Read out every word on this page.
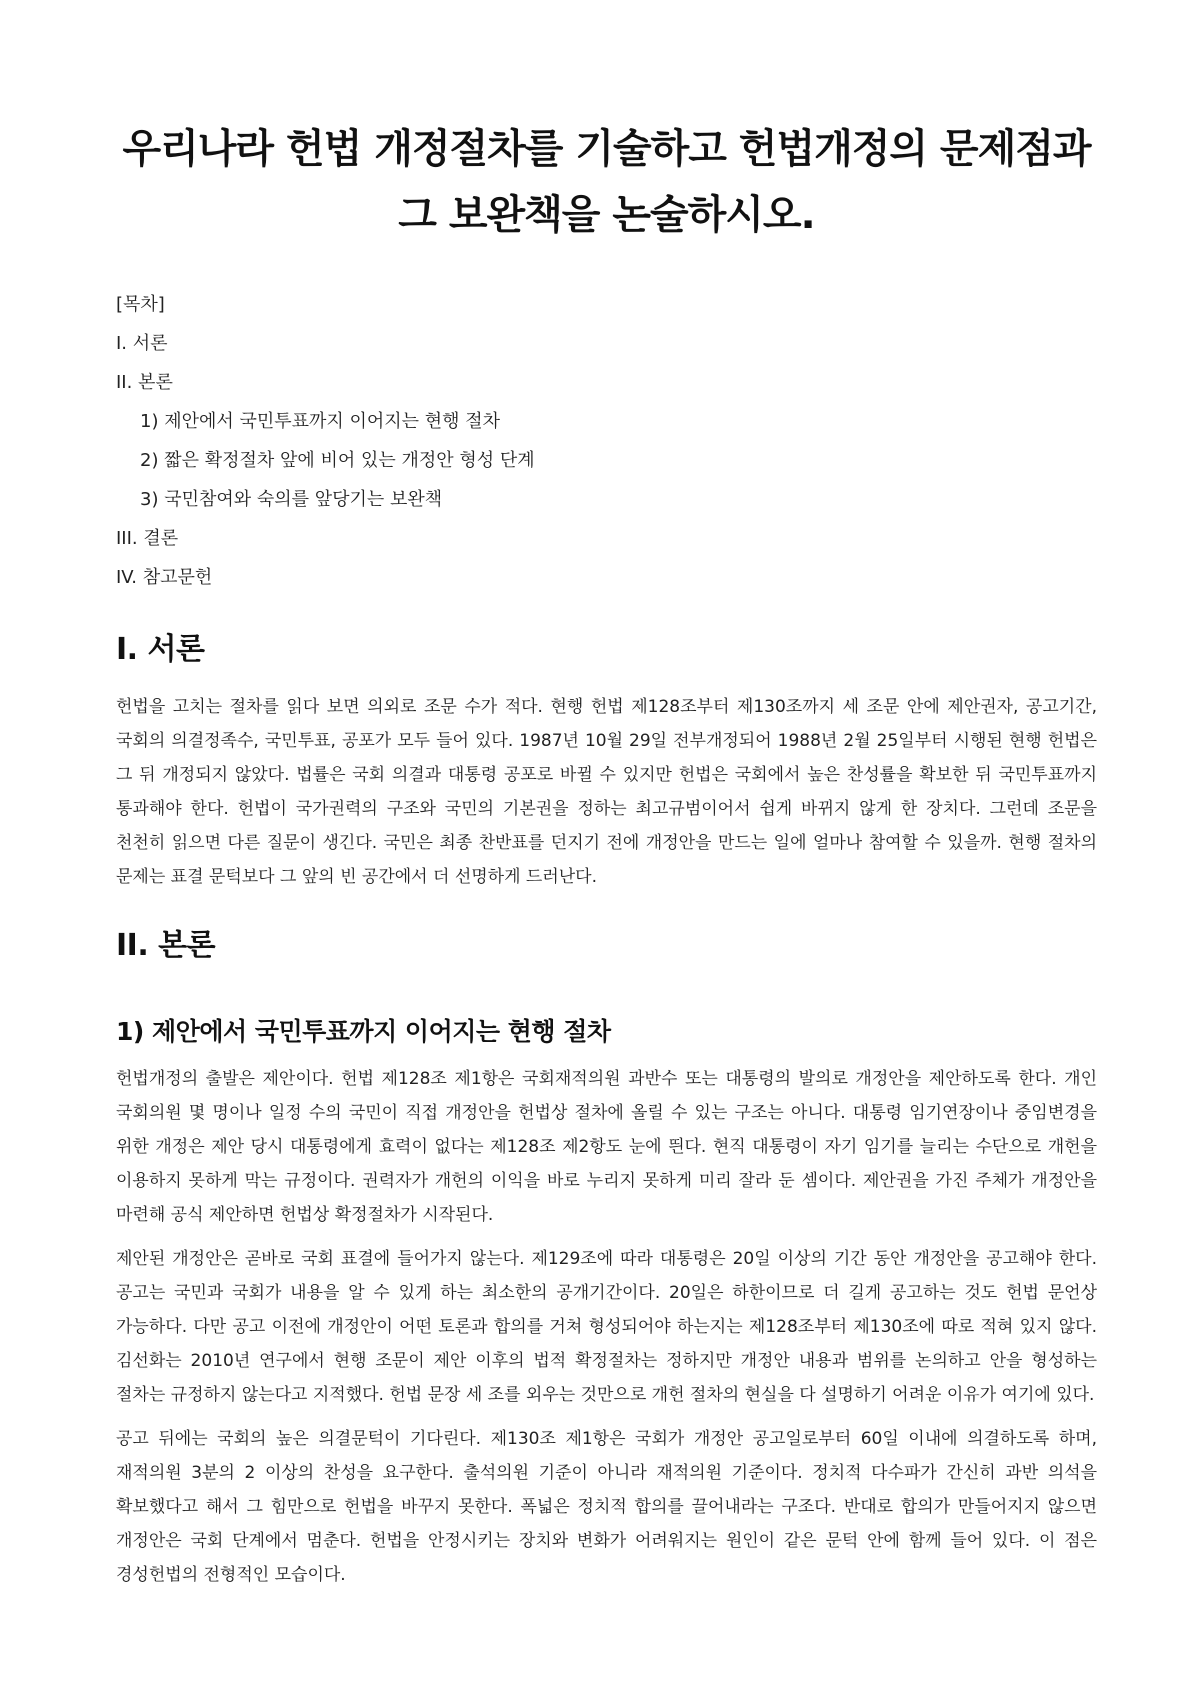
우리나라 헌법 개정절차를 기술하고 헌법개정의 문제점과 그 보완책을 논술하시오.
[목차]
I. 서론
II. 본론
1) 제안에서 국민투표까지 이어지는 현행 절차
2) 짧은 확정절차 앞에 비어 있는 개정안 형성 단계
3) 국민참여와 숙의를 앞당기는 보완책
III. 결론
IV. 참고문헌
I. 서론

헌법을 고치는 절차를 읽다 보면 의외로 조문 수가 적다. 현행 헌법 제128조부터 제130조까지 세 조문 안에 제안권자, 공고기간, 국회의 의결정족수, 국민투표, 공포가 모두 들어 있다. 1987년 10월 29일 전부개정되어 1988년 2월 25일부터 시행된 현행 헌법은 그 뒤 개정되지 않았다. 법률은 국회 의결과 대통령 공포로 바뀔 수 있지만 헌법은 국회에서 높은 찬성률을 확보한 뒤 국민투표까지 통과해야 한다. 헌법이 국가권력의 구조와 국민의 기본권을 정하는 최고규범이어서 쉽게 바뀌지 않게 한 장치다. 그런데 조문을 천천히 읽으면 다른 질문이 생긴다. 국민은 최종 찬반표를 던지기 전에 개정안을 만드는 일에 얼마나 참여할 수 있을까. 현행 절차의 문제는 표결 문턱보다 그 앞의 빈 공간에서 더 선명하게 드러난다.

II. 본론
1) 제안에서 국민투표까지 이어지는 현행 절차

헌법개정의 출발은 제안이다. 헌법 제128조 제1항은 국회재적의원 과반수 또는 대통령의 발의로 개정안을 제안하도록 한다. 개인 국회의원 몇 명이나 일정 수의 국민이 직접 개정안을 헌법상 절차에 올릴 수 있는 구조는 아니다. 대통령 임기연장이나 중임변경을 위한 개정은 제안 당시 대통령에게 효력이 없다는 제128조 제2항도 눈에 띈다. 현직 대통령이 자기 임기를 늘리는 수단으로 개헌을 이용하지 못하게 막는 규정이다. 권력자가 개헌의 이익을 바로 누리지 못하게 미리 잘라 둔 셈이다. 제안권을 가진 주체가 개정안을 마련해 공식 제안하면 헌법상 확정절차가 시작된다.

제안된 개정안은 곧바로 국회 표결에 들어가지 않는다. 제129조에 따라 대통령은 20일 이상의 기간 동안 개정안을 공고해야 한다. 공고는 국민과 국회가 내용을 알 수 있게 하는 최소한의 공개기간이다. 20일은 하한이므로 더 길게 공고하는 것도 헌법 문언상 가능하다. 다만 공고 이전에 개정안이 어떤 토론과 합의를 거쳐 형성되어야 하는지는 제128조부터 제130조에 따로 적혀 있지 않다. 김선화는 2010년 연구에서 현행 조문이 제안 이후의 법적 확정절차는 정하지만 개정안 내용과 범위를 논의하고 안을 형성하는 절차는 규정하지 않는다고 지적했다. 헌법 문장 세 조를 외우는 것만으로 개헌 절차의 현실을 다 설명하기 어려운 이유가 여기에 있다.

공고 뒤에는 국회의 높은 의결문턱이 기다린다. 제130조 제1항은 국회가 개정안 공고일로부터 60일 이내에 의결하도록 하며, 재적의원 3분의 2 이상의 찬성을 요구한다. 출석의원 기준이 아니라 재적의원 기준이다. 정치적 다수파가 간신히 과반 의석을 확보했다고 해서 그 힘만으로 헌법을 바꾸지 못한다. 폭넓은 정치적 합의를 끌어내라는 구조다. 반대로 합의가 만들어지지 않으면 개정안은 국회 단계에서 멈춘다. 헌법을 안정시키는 장치와 변화가 어려워지는 원인이 같은 문턱 안에 함께 들어 있다. 이 점은 경성헌법의 전형적인 모습이다.
